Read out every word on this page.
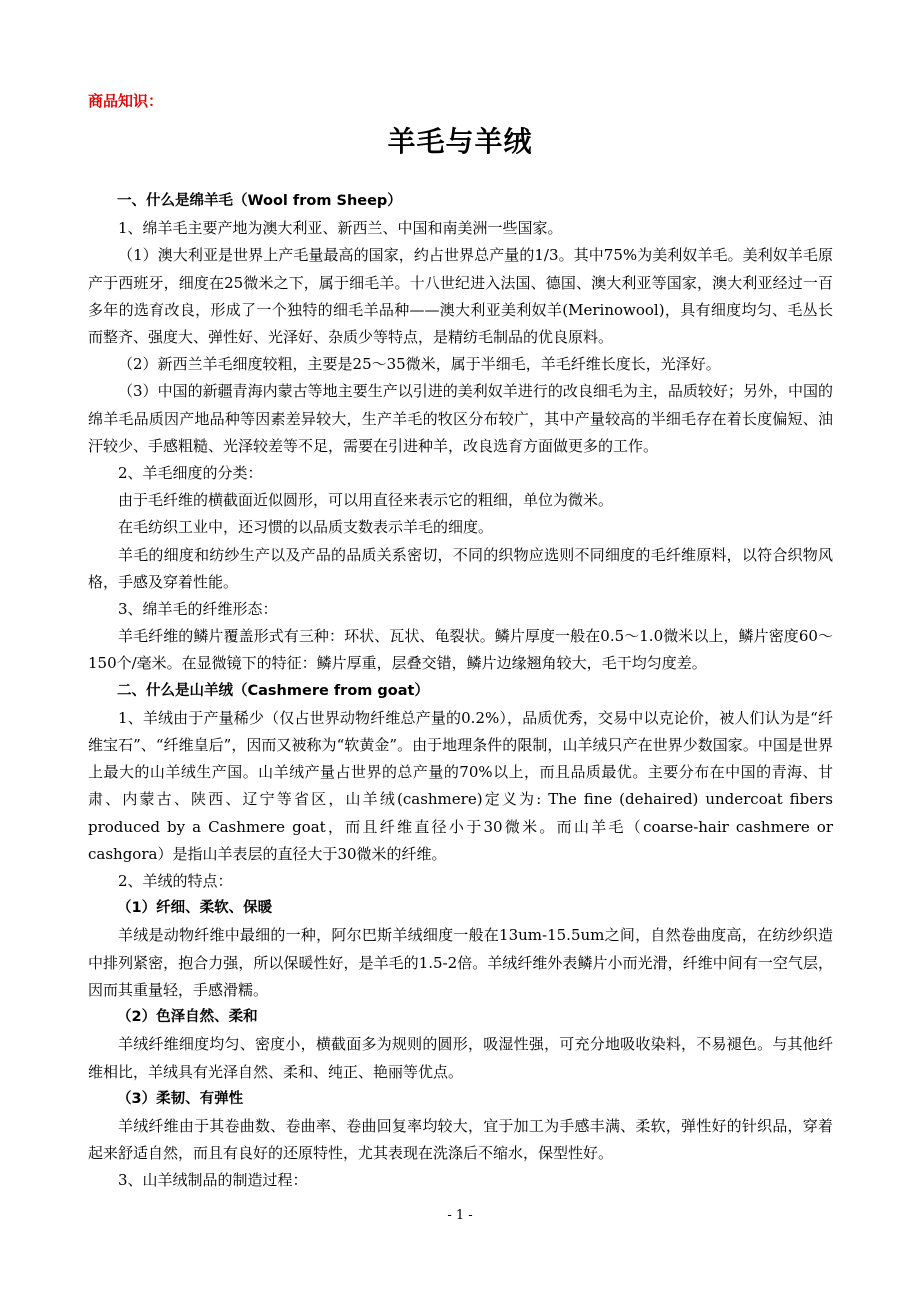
商品知识：
羊毛与羊绒

一、什么是绵羊毛（Wool from Sheep）

1、绵羊毛主要产地为澳大利亚、新西兰、中国和南美洲一些国家。

（1）澳大利亚是世界上产毛量最高的国家，约占世界总产量的1/3。其中75%为美利奴羊毛。美利奴羊毛原产于西班牙，细度在25微米之下，属于细毛羊。十八世纪进入法国、德国、澳大利亚等国家，澳大利亚经过一百多年的选育改良，形成了一个独特的细毛羊品种——澳大利亚美利奴羊(Merinowool)，具有细度均匀、毛丛长而整齐、强度大、弹性好、光泽好、杂质少等特点，是精纺毛制品的优良原料。

（2）新西兰羊毛细度较粗，主要是25～35微米，属于半细毛，羊毛纤维长度长，光泽好。

（3）中国的新疆青海内蒙古等地主要生产以引进的美利奴羊进行的改良细毛为主，品质较好；另外，中国的绵羊毛品质因产地品种等因素差异较大，生产羊毛的牧区分布较广，其中产量较高的半细毛存在着长度偏短、油汗较少、手感粗糙、光泽较差等不足，需要在引进种羊，改良选育方面做更多的工作。

2、羊毛细度的分类：

由于毛纤维的横截面近似圆形，可以用直径来表示它的粗细，单位为微米。

在毛纺织工业中，还习惯的以品质支数表示羊毛的细度。

羊毛的细度和纺纱生产以及产品的品质关系密切，不同的织物应选则不同细度的毛纤维原料，以符合织物风格，手感及穿着性能。

3、绵羊毛的纤维形态：

羊毛纤维的鳞片覆盖形式有三种：环状、瓦状、龟裂状。鳞片厚度一般在0.5～1.0微米以上，鳞片密度60～150个/毫米。在显微镜下的特征：鳞片厚重，层叠交错，鳞片边缘翘角较大，毛干均匀度差。

二、什么是山羊绒（Cashmere from goat）

1、羊绒由于产量稀少（仅占世界动物纤维总产量的0.2%），品质优秀，交易中以克论价，被人们认为是“纤维宝石”、“纤维皇后”，因而又被称为“软黄金”。由于地理条件的限制，山羊绒只产在世界少数国家。中国是世界上最大的山羊绒生产国。山羊绒产量占世界的总产量的70%以上，而且品质最优。主要分布在中国的青海、甘肃、内蒙古、陕西、辽宁等省区，山羊绒(cashmere)定义为: The fine (dehaired) undercoat fibers produced by a Cashmere goat，而且纤维直径小于30微米。而山羊毛（coarse-hair cashmere or cashgora）是指山羊表层的直径大于30微米的纤维。

2、羊绒的特点：

（1）纤细、柔软、保暖

羊绒是动物纤维中最细的一种，阿尔巴斯羊绒细度一般在13um-15.5um之间，自然卷曲度高，在纺纱织造中排列紧密，抱合力强，所以保暖性好，是羊毛的1.5-2倍。羊绒纤维外表鳞片小而光滑，纤维中间有一空气层，因而其重量轻，手感滑糯。

（2）色泽自然、柔和

羊绒纤维细度均匀、密度小，横截面多为规则的圆形，吸湿性强，可充分地吸收染料，不易褪色。与其他纤维相比，羊绒具有光泽自然、柔和、纯正、艳丽等优点。

（3）柔韧、有弹性

羊绒纤维由于其卷曲数、卷曲率、卷曲回复率均较大，宜于加工为手感丰满、柔软，弹性好的针织品，穿着起来舒适自然，而且有良好的还原特性，尤其表现在洗涤后不缩水，保型性好。

3、山羊绒制品的制造过程：

- 1 -
